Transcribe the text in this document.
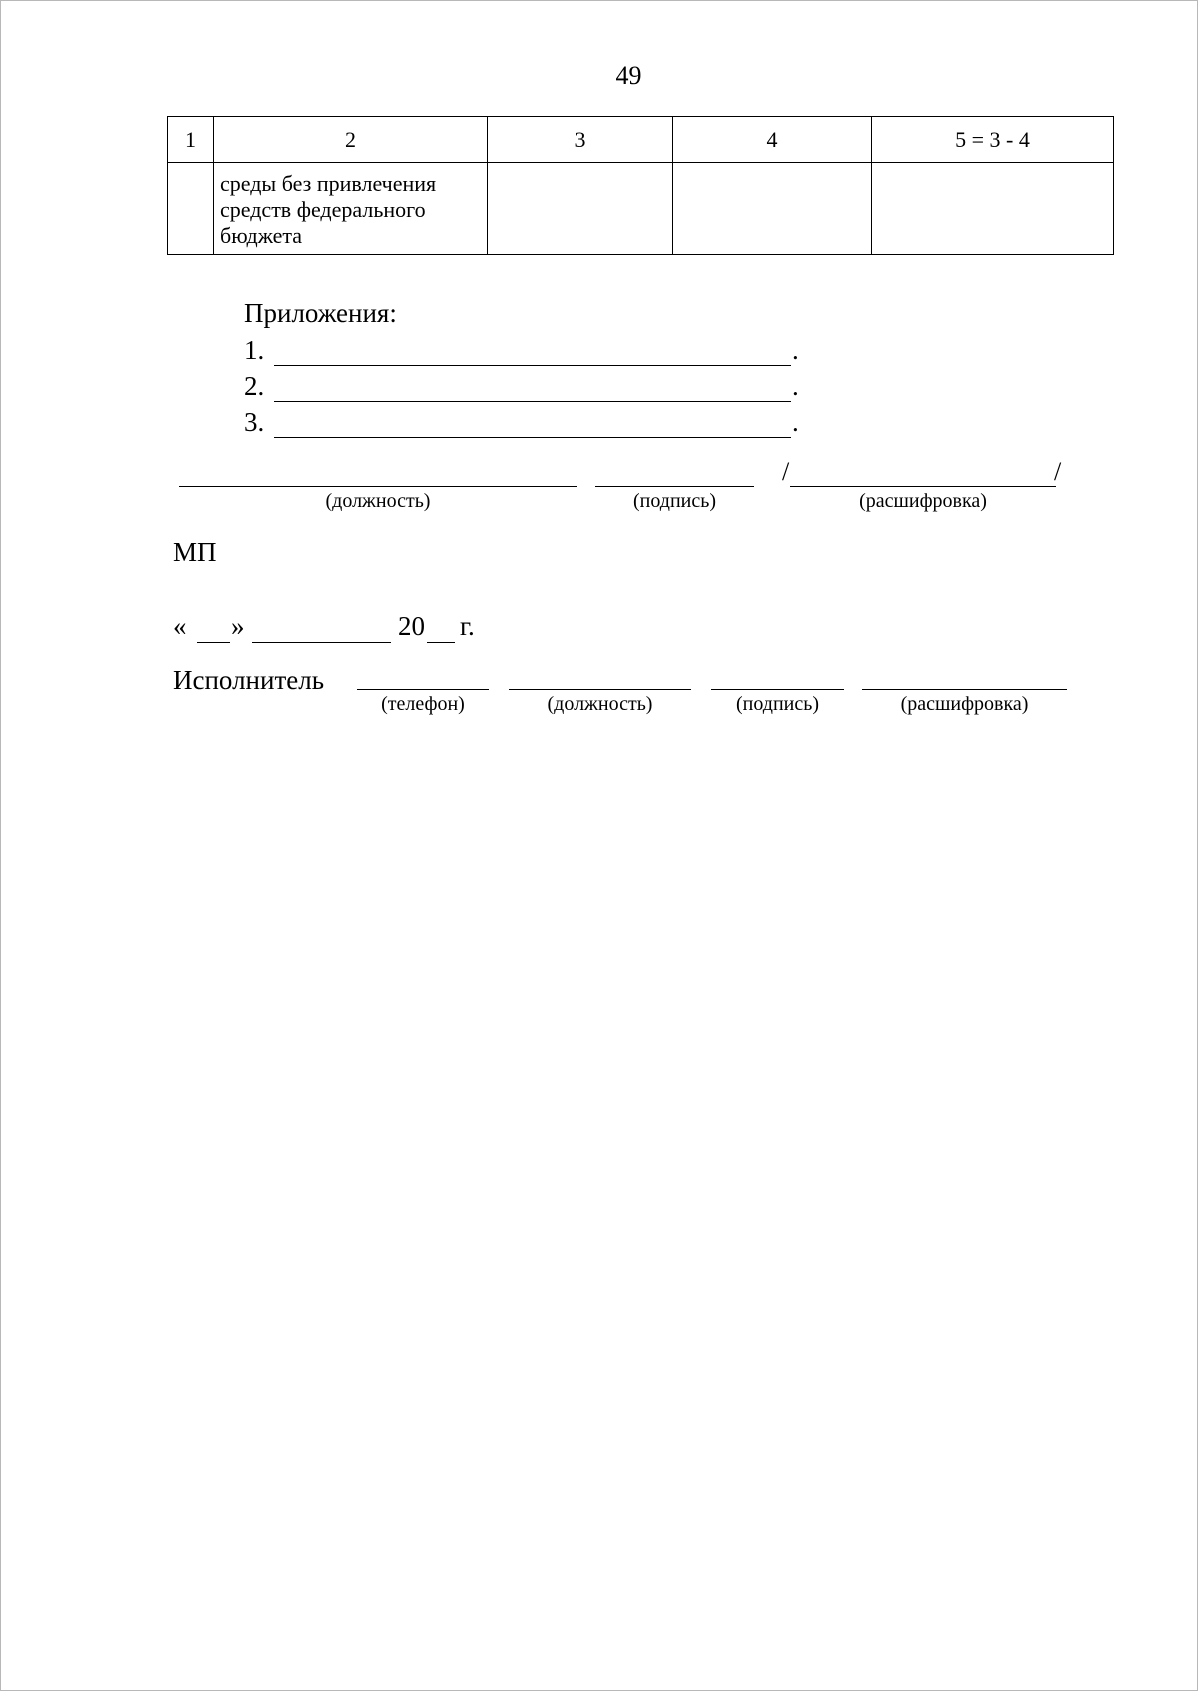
49
1	2	3	4	5 = 3 - 4

	среды без привлечения средств федерального бюджета			

Приложения:
1.	.
2.	.
3.	.
(должность)	(подпись)
/	/
(расшифровка)
МП
« »	20 г.
Исполнитель
(телефон)	(должность)	(подпись)	(расшифровка)
